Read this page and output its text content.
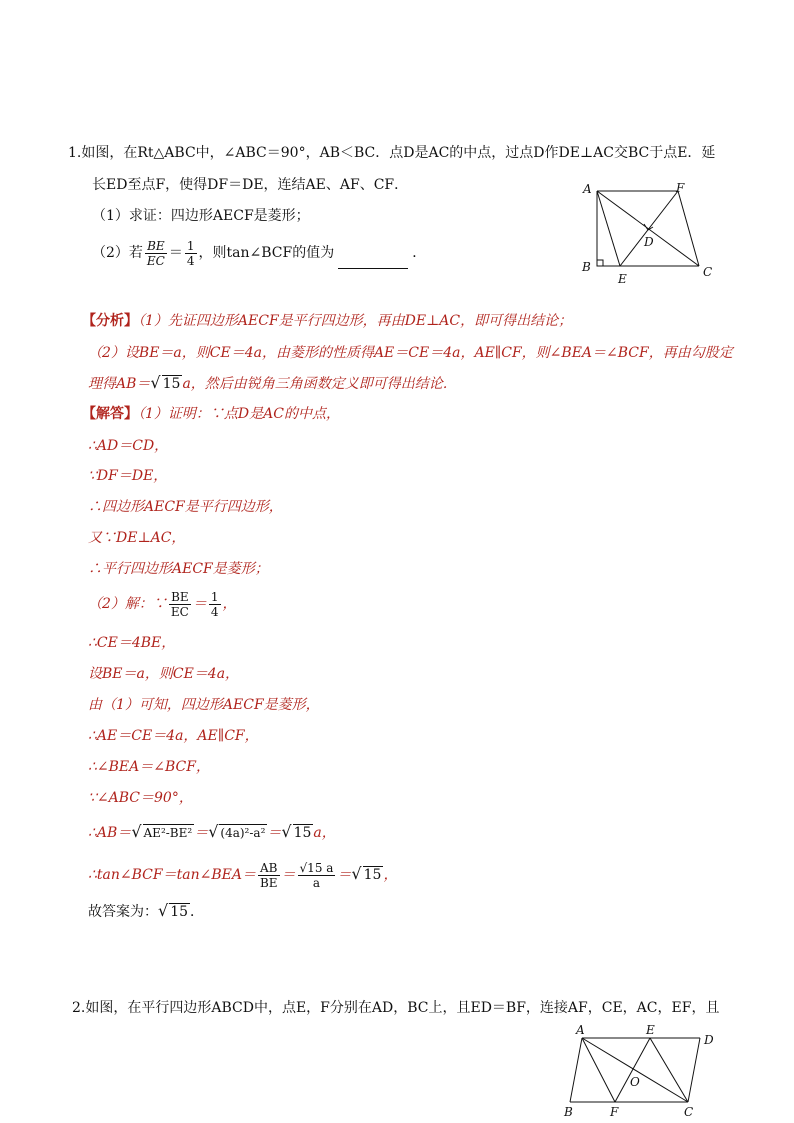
1.如图，在Rt△ABC中，∠ABC＝90°，AB＜BC．点D是AC的中点，过点D作DE⊥AC交BC于点E．延
长ED至点F，使得DF＝DE，连结AE、AF、CF．
（1）求证：四边形AECF是菱形；
（2）若 $\frac{BE}{EC} = \frac{1}{4}$ ，则tan∠BCF的值为	．
A	F
D
B
E	C
【分析】（1）先证四边形AECF是平行四边形，再由DE⊥AC，即可得出结论；
（2）设BE＝a，则CE＝4a，由菱形的性质得AE＝CE＝4a，AE∥CF，则∠BEA＝∠BCF，再由勾股定
理得AB＝√ 15 a，然后由锐角三角函数定义即可得出结论．
【解答】（1）证明：∵点D是AC的中点，
∴AD＝CD，
∵DF＝DE，
∴四边形AECF是平行四边形，
又∵DE⊥AC，
∴平行四边形AECF是菱形；
（2）解：∵ $\frac{BE}{EC} = \frac{1}{4}$ ，
∴CE＝4BE，
设BE＝a，则CE＝4a，
由（1）可知，四边形AECF是菱形，
∴AE＝CE＝4a，AE∥CF，
∴∠BEA＝∠BCF，
∵∠ABC＝90°，
∴AB＝√ AE²-BE² ＝√ (4a)²-a² ＝√ 15 a，
∴tan∠BCF＝tan∠BEA＝ $\frac{AB}{BE} = \frac{√15 a}{a}$ ＝√ 15 ，
故答案为：√ 15 ．
2.如图，在平行四边形ABCD中，点E，F分别在AD，BC上，且ED＝BF，连接AF，CE，AC，EF，且
A	E
D
O
B	F	C
